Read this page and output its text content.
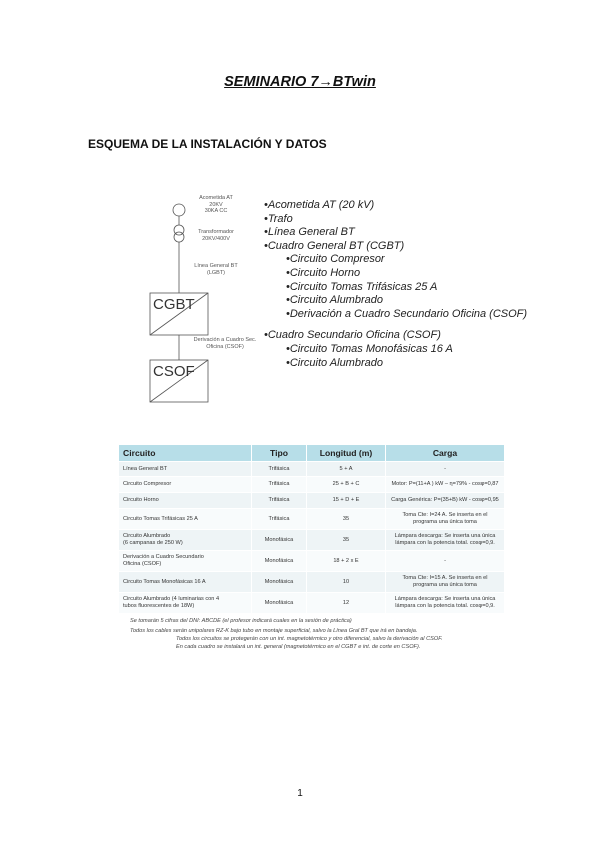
SEMINARIO 7→BTwin
ESQUEMA DE LA INSTALACIÓN Y DATOS
Acometida AT
20KV
30KA CC
Transformador
20KV/400V
Línea General BT
(LGBT)
CGBT
Derivación a Cuadro Sec.
Oficina (CSOF)
CSOF
•Acometida AT (20 kV)
•Trafo
•Línea General BT
•Cuadro General BT (CGBT)
•Circuito Compresor
•Circuito Horno
•Circuito Tomas Trifásicas 25 A
•Circuito Alumbrado
•Derivación a Cuadro Secundario Oficina (CSOF)
•Cuadro Secundario Oficina (CSOF)
•Circuito Tomas Monofásicas 16 A
•Circuito Alumbrado
Circuito	Tipo	Longitud (m)	Carga
Línea General BT	Trifásica	5 + A	-
Circuito Compresor	Trifásica	25 + B + C	Motor: P=(11+A ) kW – η=79% - cosφ=0,87
Circuito Horno	Trifásica	15 + D + E	Carga Genérica: P=(35+B) kW - cosφ=0,95
Circuito Tomas Trifásicas 25 A	Trifásica	35	Toma Cte: I=24 A. Se inserta en el programa una única toma
Circuito Alumbrado
(6 campanas de 250 W)	Monofásica	35	Lámpara descarga: Se inserta una única lámpara con la potencia total. cosφ=0,9.
Derivación a Cuadro Secundario
Oficina (CSOF)	Monofásica	18 + 2 x E	-
Circuito Tomas Monofásicas 16 A	Monofásica	10	Toma Cte: I=15 A. Se inserta en el programa una única toma
Circuito Alumbrado (4 luminarias con 4
tubos fluorescentes de 18W)	Monofásica	12	Lámpara descarga: Se inserta una única lámpara con la potencia total. cosφ=0,9.
Se tomarán 5 cifras del DNI: ABCDE (el profesor indicará cuales en la sesión de práctica)
Todos los cables serán unipolares RZ-K bajo tubo en montaje superficial, salvo la Línea Gral BT que irá en bandeja.
Todos los circuitos se protegerán con un int. magnetotérmico y otro diferencial, salvo la derivación al CSOF.
En cada cuadro se instalará un int. general (magnetotérmico en el CGBT e int. de corte en CSOF).
1
